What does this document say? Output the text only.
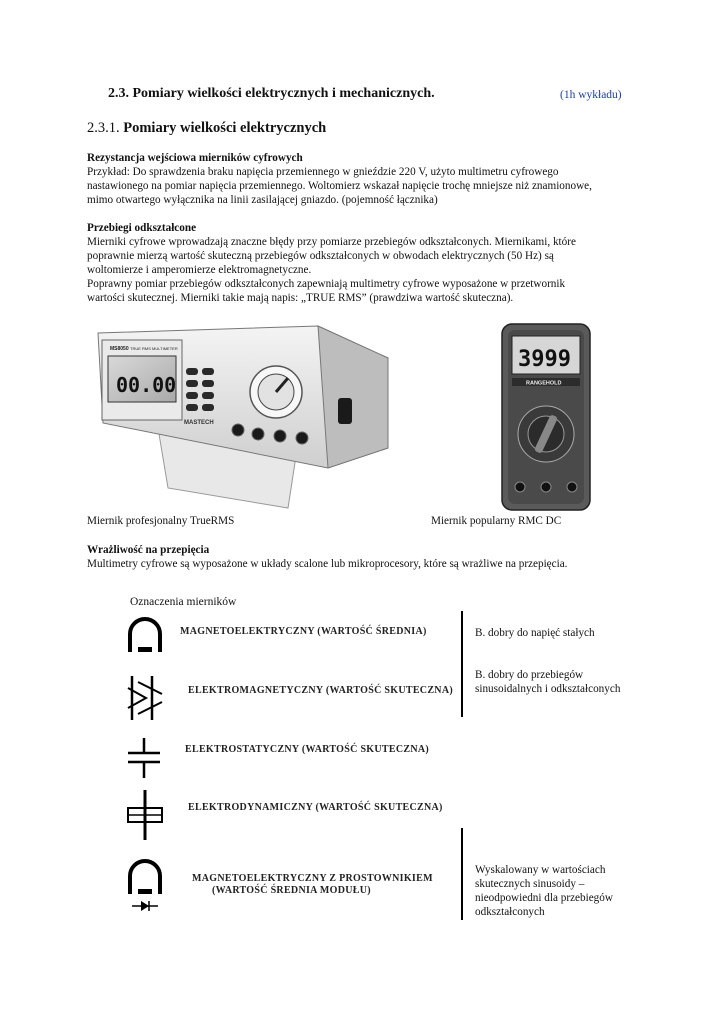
2.3. Pomiary wielkości elektrycznych i mechanicznych.	(1h wykładu)
2.3.1. Pomiary wielkości elektrycznych
Rezystancja wejściowa mierników cyfrowych
Przykład: Do sprawdzenia braku napięcia przemiennego w gnieździe 220 V, użyto multimetru cyfrowego
nastawionego na pomiar napięcia przemiennego. Woltomierz wskazał napięcie trochę mniejsze niż znamionowe,
mimo otwartego wyłącznika na linii zasilającej gniazdo. (pojemność łącznika)
Przebiegi odkształcone
Mierniki cyfrowe wprowadzają znaczne błędy przy pomiarze przebiegów odkształconych. Miernikami, które
poprawnie mierzą wartość skuteczną przebiegów odkształconych w obwodach elektrycznych (50 Hz) są
woltomierze i amperomierze elektromagnetyczne.
Poprawny pomiar przebiegów odkształconych zapewniają multimetry cyfrowe wyposażone w przetwornik
wartości skutecznej. Mierniki takie mają napis: „TRUE RMS” (prawdziwa wartość skuteczna).
MS8050 TRUE RMS MULTIMETER
00.00
MASTECH
Miernik profesjonalny TrueRMS
3999
RANGEHOLD
Miernik popularny RMC DC
Wrażliwość na przepięcia
Multimetry cyfrowe są wyposażone w układy scalone lub mikroprocesory, które są wrażliwe na przepięcia.
Oznaczenia mierników
MAGNETOELEKTRYCZNY (WARTOŚĆ ŚREDNIA)
ELEKTROMAGNETYCZNY (WARTOŚĆ SKUTECZNA)
ELEKTROSTATYCZNY (WARTOŚĆ SKUTECZNA)
ELEKTRODYNAMICZNY (WARTOŚĆ SKUTECZNA)
MAGNETOELEKTRYCZNY Z PROSTOWNIKIEM
(WARTOŚĆ ŚREDNIA MODUŁU)
B. dobry do napięć stałych
B. dobry do przebiegów
sinusoidalnych i odkształconych
Wyskalowany w wartościach
skutecznych sinusoidy –
nieodpowiedni dla przebiegów
odkształconych
